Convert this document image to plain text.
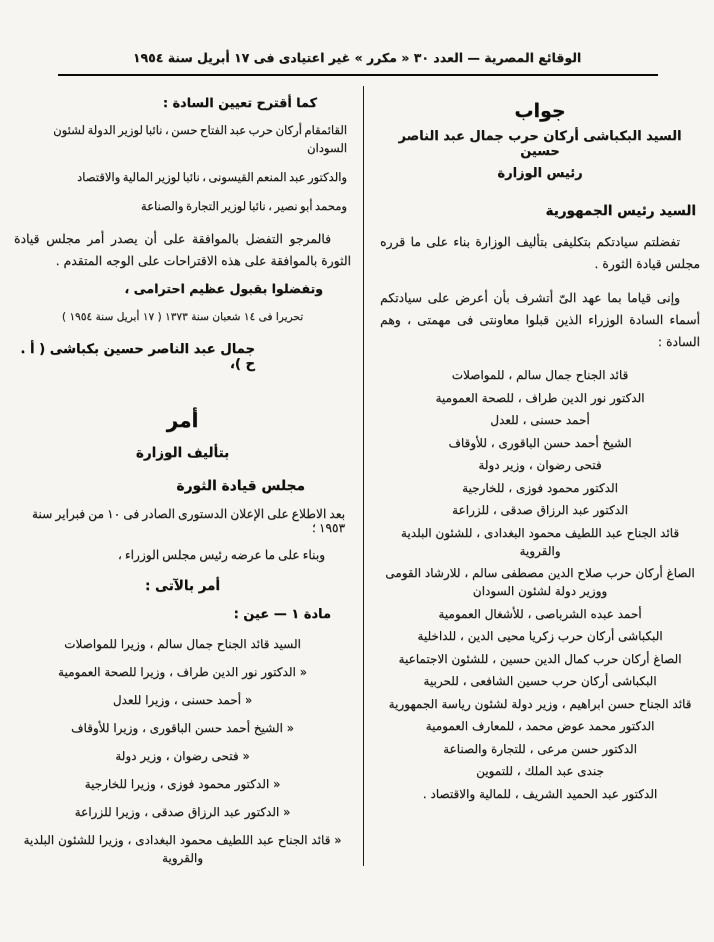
الوقائع المصرية — العدد ٣٠ « مكرر » غير اعتيادى فى ١٧ أبريل سنة ١٩٥٤
جواب
السيد البكباشى أركان حرب جمال عبد الناصر حسين
رئيس الوزارة
السيد رئيس الجمهورية
تفضلتم سيادتكم بتكليفى بتأليف الوزارة بناء على ما قرره مجلس قيادة الثورة .
وإنى قياما بما عهد الىّ أتشرف بأن أعرض على سيادتكم أسماء السادة الوزراء الذين قبلوا معاونتى فى مهمتى ، وهم السادة :
قائد الجناح جمال سالم ، للمواصلات
الدكتور نور الدين طراف ، للصحة العمومية
أحمد حسنى ، للعدل
الشيخ أحمد حسن الباقورى ، للأوقاف
فتحى رضوان ، وزير دولة
الدكتور محمود فوزى ، للخارجية
الدكتور عبد الرزاق صدقى ، للزراعة
قائد الجناح عبد اللطيف محمود البغدادى ، للشئون البلدية والقروية
الصاغ أركان حرب صلاح الدين مصطفى سالم ، للارشاد القومى ووزير دولة لشئون السودان
أحمد عبده الشرباصى ، للأشغال العمومية
البكباشى أركان حرب زكريا محيى الدين ، للداخلية
الصاغ أركان حرب كمال الدين حسين ، للشئون الاجتماعية
البكباشى أركان حرب حسين الشافعى ، للحربية
قائد الجناح حسن ابراهيم ، وزير دولة لشئون رياسة الجمهورية
الدكتور محمد عوض محمد ، للمعارف العمومية
الدكتور حسن مرعى ، للتجارة والصناعة
جندى عبد الملك ، للتموين
الدكتور عبد الحميد الشريف ، للمالية والاقتصاد .
كما أقترح تعيين السادة :
القائمقام أركان حرب عبد الفتاح حسن ، نائبا لوزير الدولة لشئون السودان
والدكتور عبد المنعم القيسونى ، نائبا لوزير المالية والاقتصاد
ومحمد أبو نصير ، نائبا لوزير التجارة والصناعة
فالمرجو التفضل بالموافقة على أن يصدر أمر مجلس قيادة الثورة بالموافقة على هذه الاقتراحات على الوجه المتقدم .
وتفضلوا بقبول عظيم احترامى ،
تحريرا فى ١٤ شعبان سنة ١٣٧٣ ( ١٧ أبريل سنة ١٩٥٤ )
جمال عبد الناصر حسين بكباشى ( أ . ح )،
أمر
بتأليف الوزارة
مجلس قيادة الثورة
بعد الاطلاع على الإعلان الدستورى الصادر فى ١٠ من فبراير سنة ١٩٥٣ ؛
وبناء على ما عرضه رئيس مجلس الوزراء ،
أمر بالآتى :
مادة ١ — عين :
السيد قائد الجناح جمال سالم ، وزيرا للمواصلات
« الدكتور نور الدين طراف ، وزيرا للصحة العمومية
« أحمد حسنى ، وزيرا للعدل
« الشيخ أحمد حسن الباقورى ، وزيرا للأوقاف
« فتحى رضوان ، وزير دولة
« الدكتور محمود فوزى ، وزيرا للخارجية
« الدكتور عبد الرزاق صدقى ، وزيرا للزراعة
« قائد الجناح عبد اللطيف محمود البغدادى ، وزيرا للشئون البلدية والقروية
